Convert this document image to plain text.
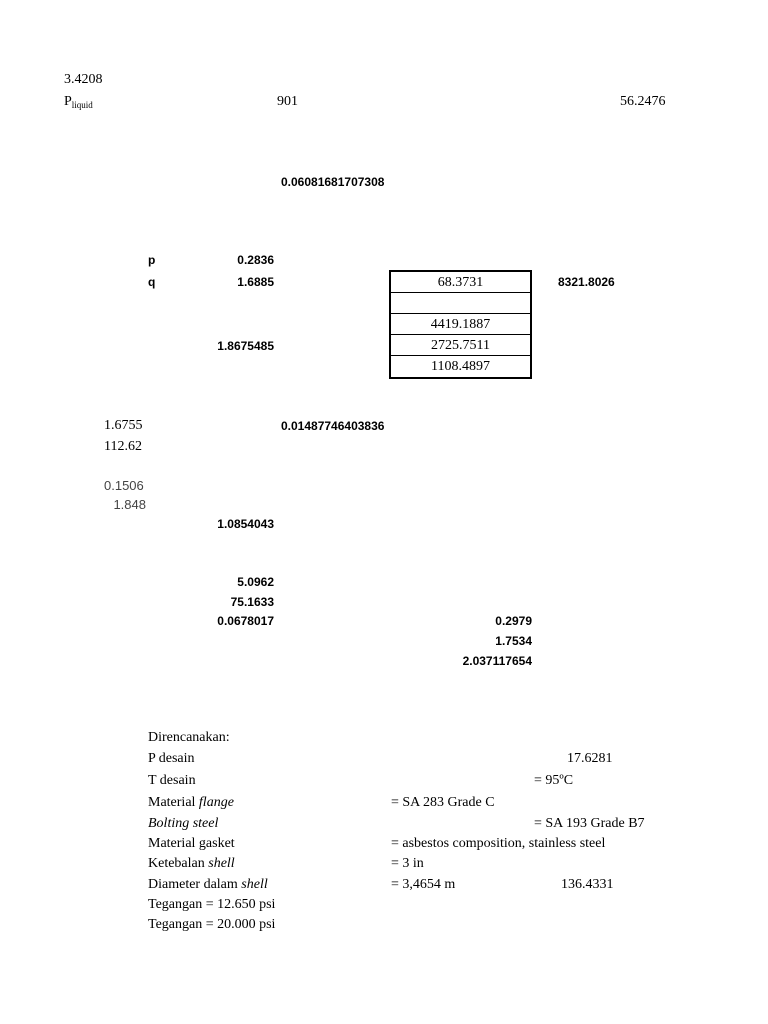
3.4208
$P_{liquid}$	901	56.2476
0.06081681707308
p	0.2836
q	1.6885
1.8675485
8321.8026
68.3731
4419.1887
2725.7511
1108.4897
1.6755
112.62
0.01487746403836
0.1506
1.848
1.0854043
5.0962
75.1633
0.0678017	0.2979
1.7534
2.037117654
Direncanakan:
P desain	17.6281
T desain	= 95ºC
Material flange	= SA 283 Grade C
Bolting steel	= SA 193 Grade B7
Material gasket	= asbestos composition, stainless steel
Ketebalan shell	= 3 in
Diameter dalam shell	= 3,4654 m	136.4331
Tegangan = 12.650 psi
Tegangan = 20.000 psi
